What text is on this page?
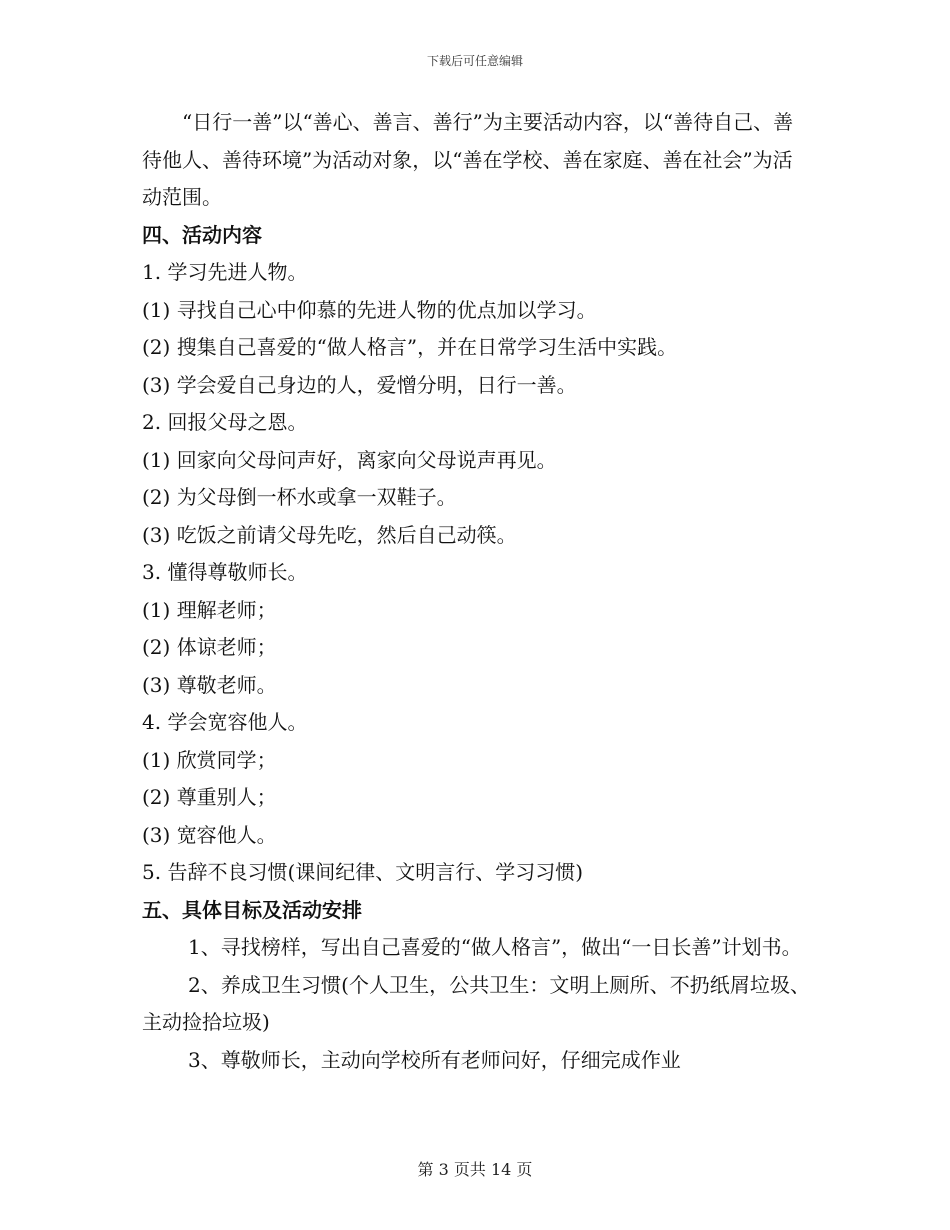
下载后可任意编辑

“日行一善”以“善心、善言、善行”为主要活动内容，以“善待自己、善待他人、善待环境”为活动对象，以“善在学校、善在家庭、善在社会”为活动范围。

四、活动内容

1. 学习先进人物。

(1) 寻找自己心中仰慕的先进人物的优点加以学习。

(2) 搜集自己喜爱的“做人格言”，并在日常学习生活中实践。

(3) 学会爱自己身边的人，爱憎分明，日行一善。

2. 回报父母之恩。

(1) 回家向父母问声好，离家向父母说声再见。

(2) 为父母倒一杯水或拿一双鞋子。

(3) 吃饭之前请父母先吃，然后自己动筷。

3. 懂得尊敬师长。

(1) 理解老师；

(2) 体谅老师；

(3) 尊敬老师。

4. 学会宽容他人。

(1) 欣赏同学；

(2) 尊重别人；

(3) 宽容他人。

5. 告辞不良习惯(课间纪律、文明言行、学习习惯)

五、具体目标及活动安排

1、寻找榜样，写出自己喜爱的“做人格言”，做出“一日长善”计划书。

2、养成卫生习惯(个人卫生，公共卫生：文明上厕所、不扔纸屑垃圾、主动捡拾垃圾)

3、尊敬师长，主动向学校所有老师问好，仔细完成作业

第 3 页共 14 页
